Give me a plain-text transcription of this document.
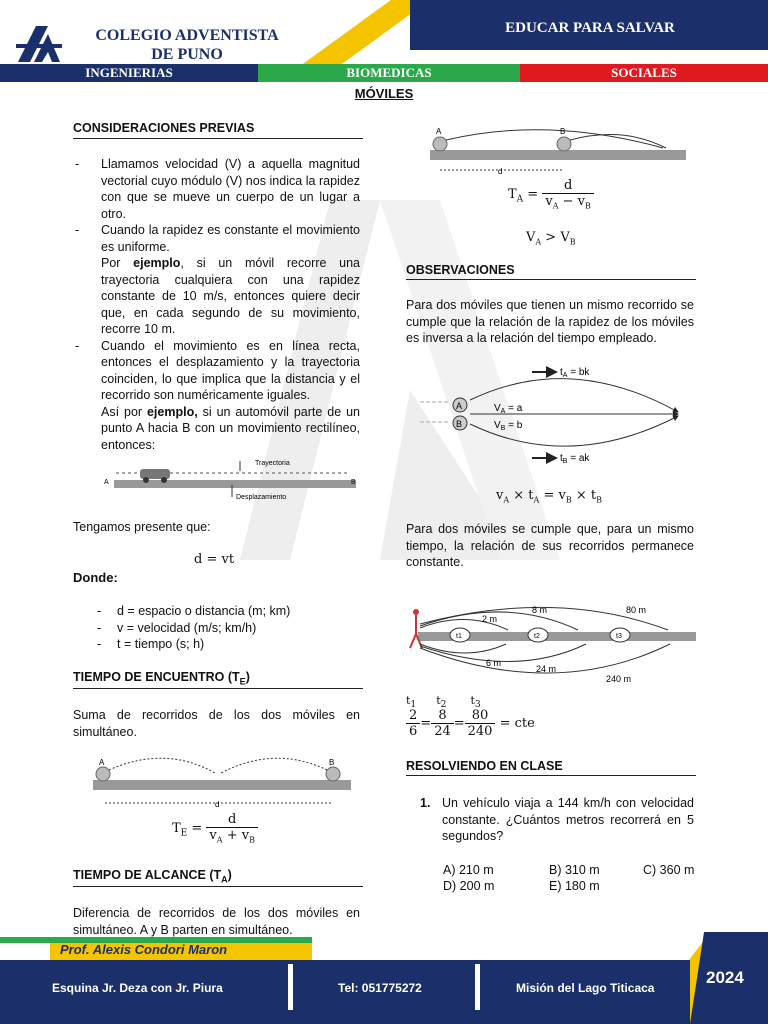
COLEGIO ADVENTISTA
DE PUNO
EDUCAR PARA SALVAR
INGENIERIAS	BIOMEDICAS	SOCIALES
MÓVILES
CONSIDERACIONES PREVIAS
- Llamamos velocidad (V) a aquella magnitud vectorial cuyo módulo (V) nos indica la rapidez con que se mueve un cuerpo de un lugar a otro.
- Cuando la rapidez es constante el movimiento es uniforme.
Por ejemplo, si un móvil recorre una trayectoria cualquiera con una rapidez constante de 10 m/s, entonces quiere decir que, en cada segundo de su movimiento, recorre 10 m.
- Cuando el movimiento es en línea recta, entonces el desplazamiento y la trayectoria coinciden, lo que implica que la distancia y el recorrido son numéricamente iguales.
Así por ejemplo, si un automóvil parte de un punto A hacia B con un movimiento rectilíneo, entonces:
Trayectoria
Desplazamiento
A	B
Tengamos presente que:
d = vt
Donde:
- d = espacio o distancia (m; km)
- v = velocidad (m/s; km/h)
- t = tiempo (s; h)
TIEMPO DE ENCUENTRO $(T_E)$
Suma de recorridos de los dos móviles en simultáneo.
A	B
d
$T_E = \frac{d}{v_A + v_B}$
TIEMPO DE ALCANCE $(T_A)$
Diferencia de recorridos de los dos móviles en simultáneo. A y B parten en simultáneo.
A	B
d
$T_A = \frac{d}{v_A - v_B}$
$V_A > V_B$
OBSERVACIONES
Para dos móviles que tienen un mismo recorrido se cumple que la relación de la rapidez de los móviles es inversa a la relación del tiempo empleado.
$t_A$ = bk
A
B
$V_A = a$
$V_B = b$
$t_B$ = ak
$v_A \times t_A = v_B \times t_B$
Para dos móviles se cumple que, para un mismo tiempo, la relación de sus recorridos permanece constante.
2 m
8 m	80 m
6 m
24 m
240 m
t1	t2	t3
$t_1$ $t_2$ $t_3$
$\frac{2}{6} = \frac{8}{24} = \frac{80}{240}$ = cte
RESOLVIENDO EN CLASE
1. Un vehículo viaja a 144 km/h con velocidad constante. ¿Cuántos metros recorrerá en 5 segundos?
A) 210 m	B) 310 m	C) 360 m
D) 200 m	E) 180 m
Prof. Alexis Condori Maron
Esquina Jr. Deza con Jr. Piura	Tel: 051775272	Misión del Lago Titicaca
2024
